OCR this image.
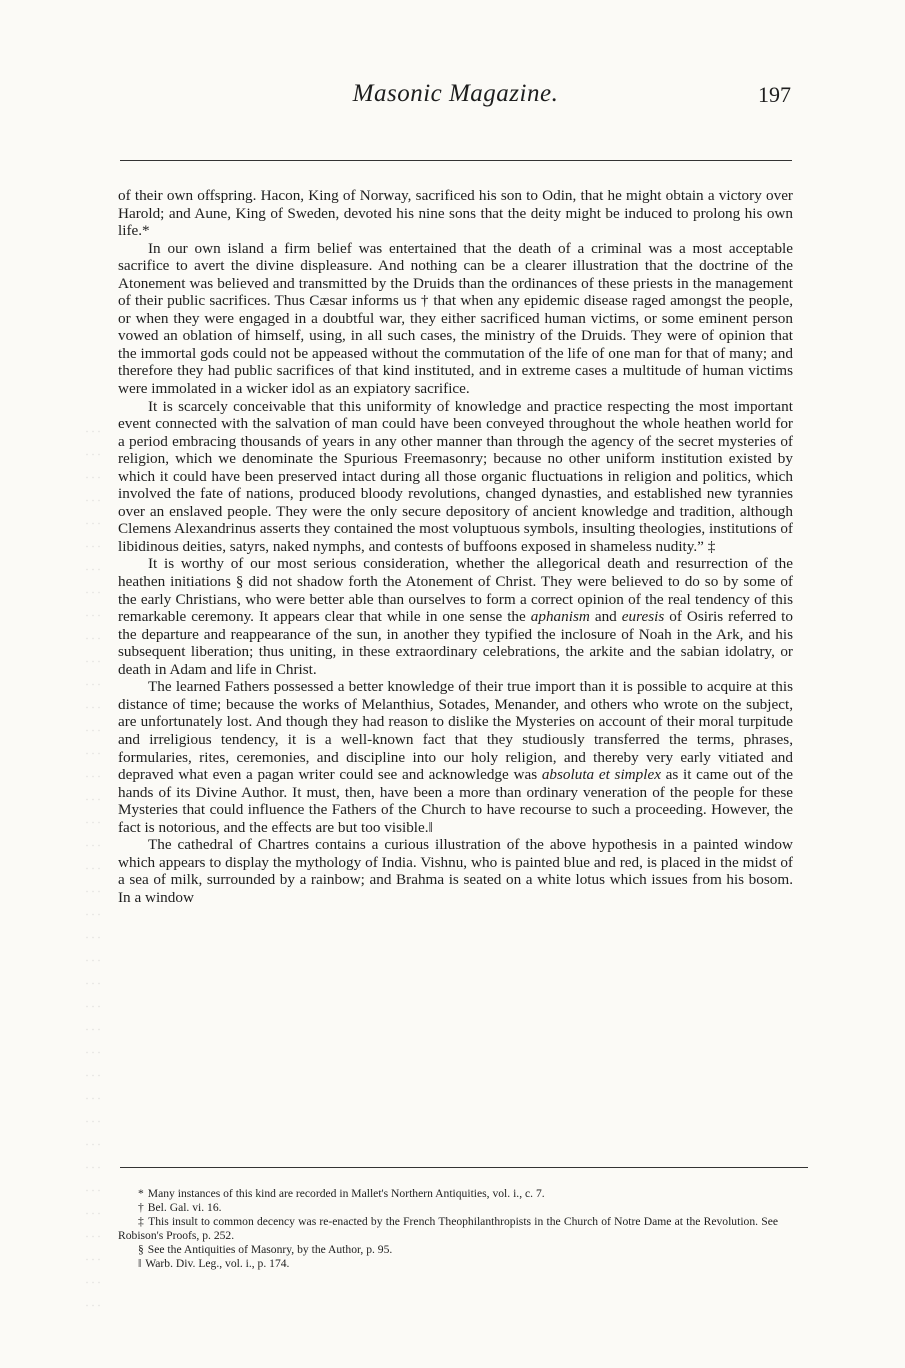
Masonic Magazine.	197

of their own offspring. Hacon, King of Norway, sacrificed his son to Odin, that he might obtain a victory over Harold; and Aune, King of Sweden, devoted his nine sons that the deity might be induced to prolong his own life.*

In our own island a firm belief was entertained that the death of a criminal was a most acceptable sacrifice to avert the divine displeasure. And nothing can be a clearer illustration that the doctrine of the Atonement was believed and transmitted by the Druids than the ordinances of these priests in the management of their public sacrifices. Thus Cæsar informs us † that when any epidemic disease raged amongst the people, or when they were engaged in a doubtful war, they either sacrificed human victims, or some eminent person vowed an oblation of himself, using, in all such cases, the ministry of the Druids. They were of opinion that the immortal gods could not be appeased without the commutation of the life of one man for that of many; and therefore they had public sacrifices of that kind instituted, and in extreme cases a multitude of human victims were immolated in a wicker idol as an expiatory sacrifice.

It is scarcely conceivable that this uniformity of knowledge and practice respecting the most important event connected with the salvation of man could have been conveyed throughout the whole heathen world for a period embracing thousands of years in any other manner than through the agency of the secret mysteries of religion, which we denominate the Spurious Freemasonry; because no other uniform institution existed by which it could have been preserved intact during all those organic fluctuations in religion and politics, which involved the fate of nations, produced bloody revolutions, changed dynasties, and established new tyrannies over an enslaved people. They were the only secure depository of ancient knowledge and tradition, although Clemens Alexandrinus asserts they contained the most voluptuous symbols, insulting theologies, institutions of libidinous deities, satyrs, naked nymphs, and contests of buffoons exposed in shameless nudity.” ‡

It is worthy of our most serious consideration, whether the allegorical death and resurrection of the heathen initiations § did not shadow forth the Atonement of Christ. They were believed to do so by some of the early Christians, who were better able than ourselves to form a correct opinion of the real tendency of this remarkable ceremony. It appears clear that while in one sense the aphanism and euresis of Osiris referred to the departure and reappearance of the sun, in another they typified the inclosure of Noah in the Ark, and his subsequent liberation; thus uniting, in these extraordinary celebrations, the arkite and the sabian idolatry, or death in Adam and life in Christ.

The learned Fathers possessed a better knowledge of their true import than it is possible to acquire at this distance of time; because the works of Melanthius, Sotades, Menander, and others who wrote on the subject, are unfortunately lost. And though they had reason to dislike the Mysteries on account of their moral turpitude and irreligious tendency, it is a well-known fact that they studiously transferred the terms, phrases, formularies, rites, ceremonies, and discipline into our holy religion, and thereby very early vitiated and depraved what even a pagan writer could see and acknowledge was absoluta et simplex as it came out of the hands of its Divine Author. It must, then, have been a more than ordinary veneration of the people for these Mysteries that could influence the Fathers of the Church to have recourse to such a proceeding. However, the fact is notorious, and the effects are but too visible.‖

The cathedral of Chartres contains a curious illustration of the above hypothesis in a painted window which appears to display the mythology of India. Vishnu, who is painted blue and red, is placed in the midst of a sea of milk, surrounded by a rainbow; and Brahma is seated on a white lotus which issues from his bosom. In a window

* Many instances of this kind are recorded in Mallet's Northern Antiquities, vol. i., c. 7.

† Bel. Gal. vi. 16.

‡ This insult to common decency was re-enacted by the French Theophilanthropists in the Church of Notre Dame at the Revolution. See Robison's Proofs, p. 252.

§ See the Antiquities of Masonry, by the Author, p. 95.

‖ Warb. Div. Leg., vol. i., p. 174.
